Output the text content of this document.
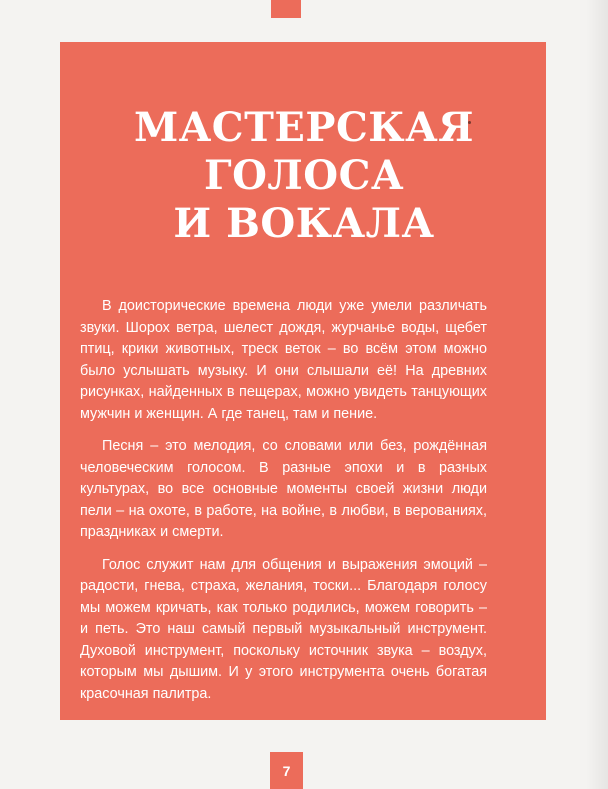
МАСТЕРСКАЯ
ГОЛОСА
И ВОКАЛА

В доисторические времена люди уже умели различать звуки. Шорох ветра, шелест дождя, журчанье воды, щебет птиц, крики животных, треск веток – во всём этом можно было услышать музыку. И они слышали её! На древних рисунках, найденных в пещерах, можно увидеть танцующих мужчин и женщин. А где танец, там и пение.

Песня – это мелодия, со словами или без, рождённая человеческим голосом. В разные эпохи и в разных культурах, во все основные моменты своей жизни люди пели – на охоте, в работе, на войне, в любви, в верованиях, праздниках и смерти.

Голос служит нам для общения и выражения эмоций – радости, гнева, страха, желания, тоски... Благодаря голосу мы можем кричать, как только родились, можем говорить – и петь. Это наш самый первый музыкальный инструмент. Духовой инструмент, поскольку источник звука – воздух, которым мы дышим. И у этого инструмента очень богатая красочная палитра.

7
